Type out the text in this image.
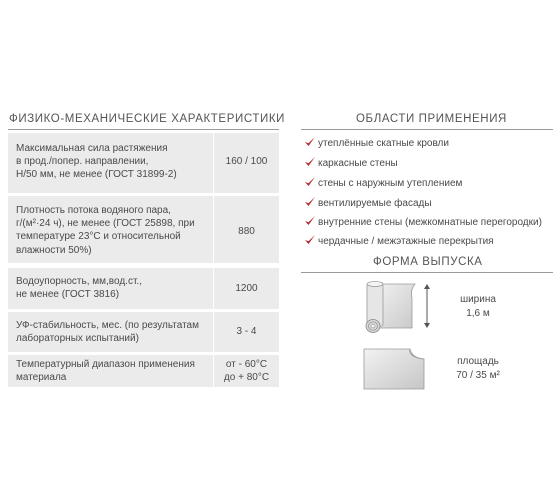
ФИЗИКО-МЕХАНИЧЕСКИЕ ХАРАКТЕРИСТИКИ	ОБЛАСТИ ПРИМЕНЕНИЯ
Максимальная сила растяжения
в прод./попер. направлении,
Н/50 мм, не менее (ГОСТ 31899-2)
160 / 100
Плотность потока водяного пара,
г/(м²·24 ч), не менее (ГОСТ 25898, при
температуре 23°С и относительной
влажности 50%)
880
Водоупорность, мм,вод.ст.,
не менее (ГОСТ 3816)
1200
УФ-стабильность, мес. (по результатам
лабораторных испытаний)
3 - 4
Температурный диапазон применения
материала
от - 60°С
до + 80°С
утеплённые скатные кровли
каркасные стены
стены с наружным утеплением
вентилируемые фасады
внутренние стены (межкомнатные перегородки)
чердачные / межэтажные перекрытия
ФОРМА ВЫПУСКА
ширина
1,6 м
площадь
70 / 35 м²
